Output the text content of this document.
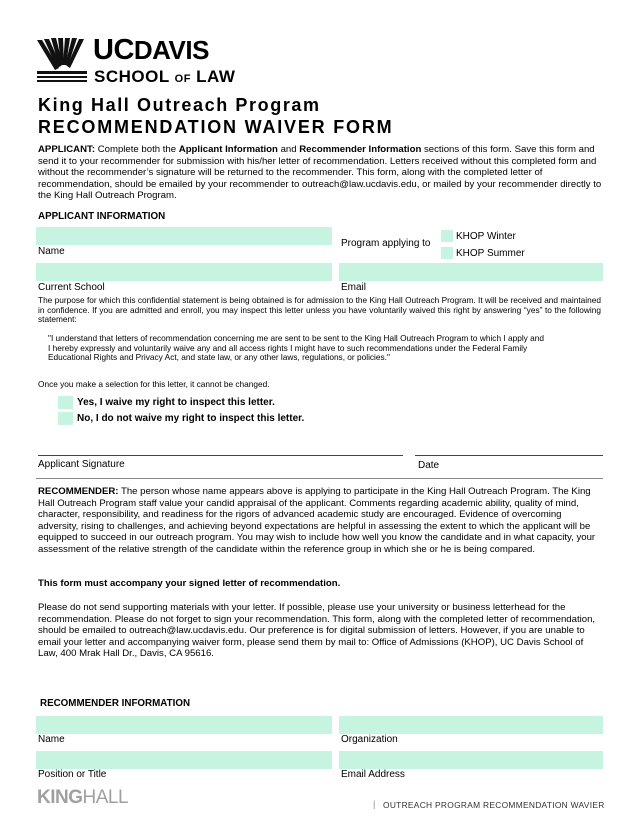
UCDAVIS
SCHOOL OF LAW
King Hall Outreach Program
RECOMMENDATION WAIVER FORM
APPLICANT: Complete both the Applicant Information and Recommender Information sections of this form. Save this form and send it to your recommender for submission with his/her letter of recommendation. Letters received without this completed form and without the recommender’s signature will be returned to the recommender. This form, along with the completed letter of recommendation, should be emailed by your recommender to outreach@law.ucdavis.edu, or mailed by your recommender directly to the King Hall Outreach Program.
APPLICANT INFORMATION
Name
Program applying to
KHOP Winter
KHOP Summer
Current School	Email
The purpose for which this confidential statement is being obtained is for admission to the King Hall Outreach Program. It will be received and maintained in confidence. If you are admitted and enroll, you may inspect this letter unless you have voluntarily waived this right by answering “yes” to the following statement:
"I understand that letters of recommendation concerning me are sent to be sent to the King Hall Outreach Program to which I apply and I hereby expressly and voluntarily waive any and all access rights I might have to such recommendations under the Federal Family Educational Rights and Privacy Act, and state law, or any other laws, regulations, or policies."
Once you make a selection for this letter, it cannot be changed.
Yes, I waive my right to inspect this letter.
No, I do not waive my right to inspect this letter.
Applicant Signature	Date
RECOMMENDER: The person whose name appears above is applying to participate in the King Hall Outreach Program. The King Hall Outreach Program staff value your candid appraisal of the applicant. Comments regarding academic ability, quality of mind, character, responsibility, and readiness for the rigors of advanced academic study are encouraged. Evidence of overcoming adversity, rising to challenges, and achieving beyond expectations are helpful in assessing the extent to which the applicant will be equipped to succeed in our outreach program. You may wish to include how well you know the candidate and in what capacity, your assessment of the relative strength of the candidate within the reference group in which she or he is being compared.
This form must accompany your signed letter of recommendation.
Please do not send supporting materials with your letter. If possible, please use your university or business letterhead for the recommendation. Please do not forget to sign your recommendation. This form, along with the completed letter of recommendation, should be emailed to outreach@law.ucdavis.edu. Our preference is for digital submission of letters. However, if you are unable to email your letter and accompanying waiver form, please send them by mail to: Office of Admissions (KHOP), UC Davis School of Law, 400 Mrak Hall Dr., Davis, CA 95616.
RECOMMENDER INFORMATION
Name	Organization
Position or Title	Email Address
KINGHALL	| OUTREACH PROGRAM RECOMMENDATION WAVIER
